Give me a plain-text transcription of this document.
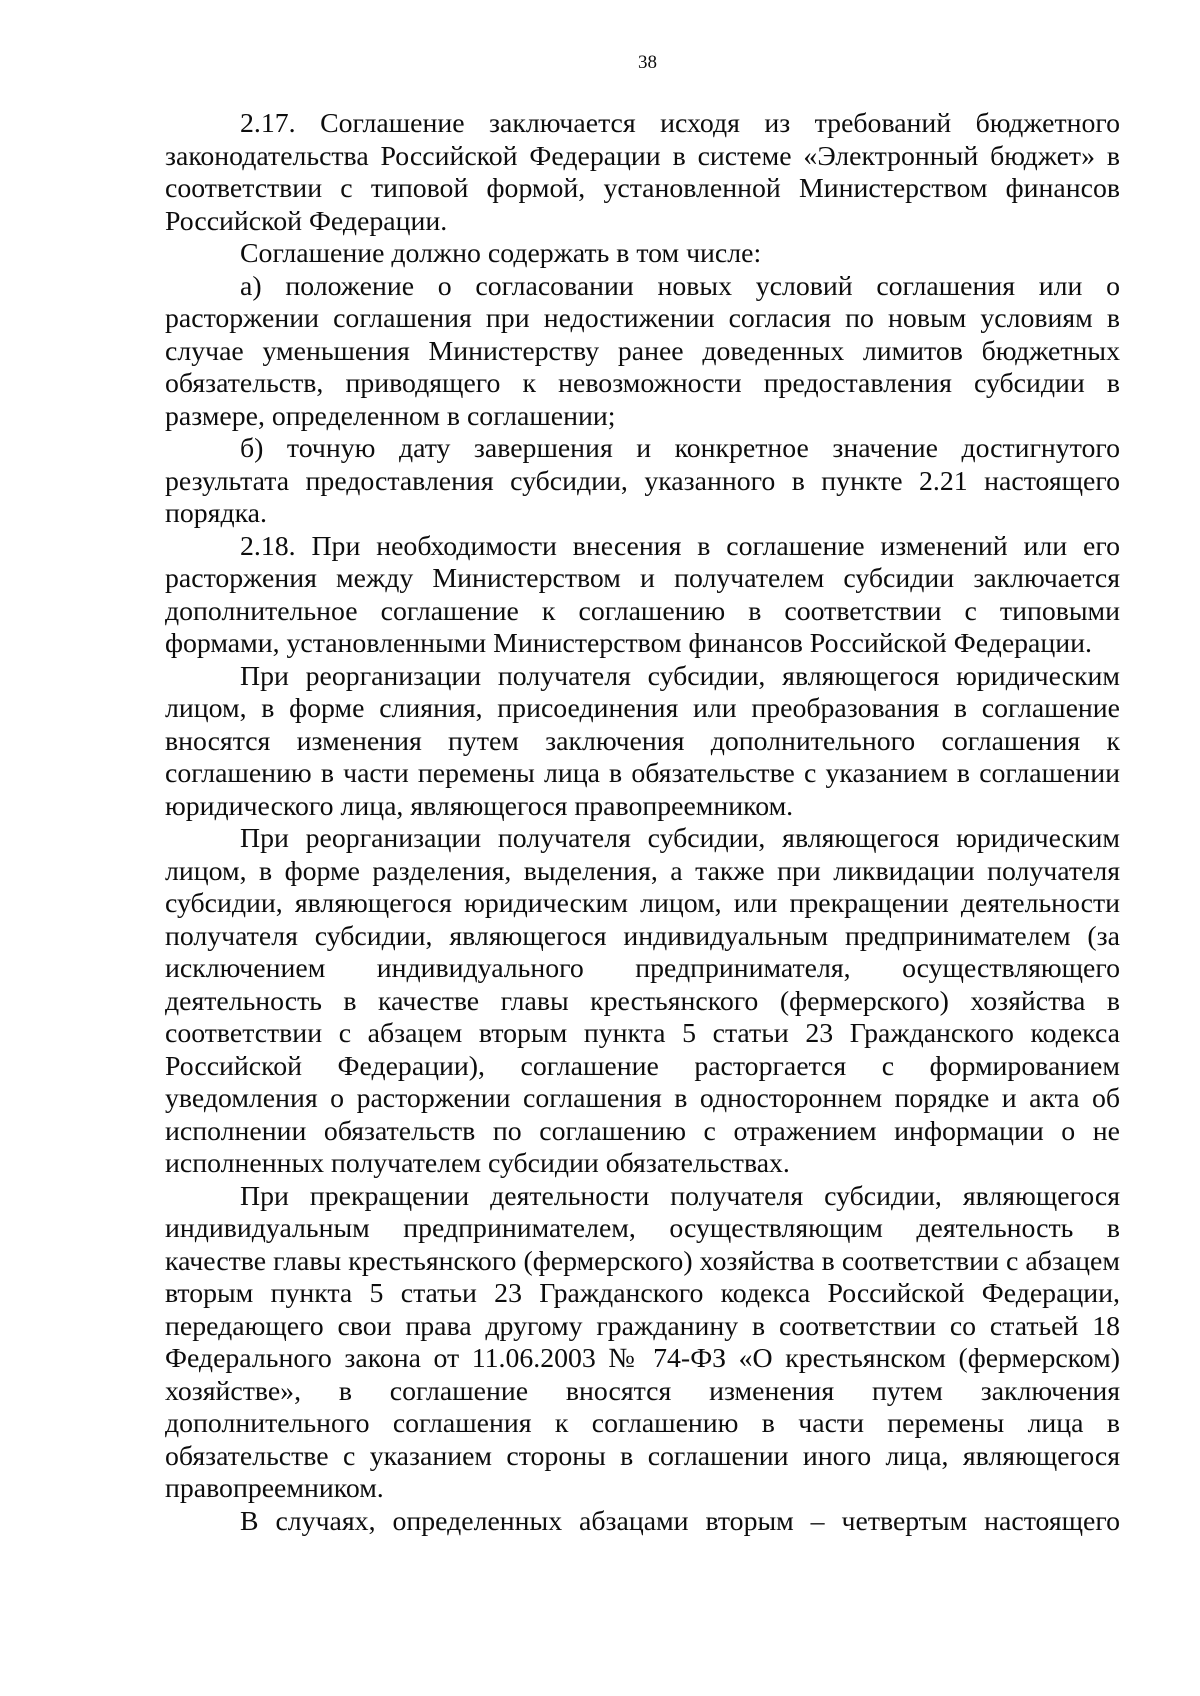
38

2.17. Соглашение заключается исходя из требований бюджетного законодательства Российской Федерации в системе «Электронный бюджет» в соответствии с типовой формой, установленной Министерством финансов Российской Федерации.

Соглашение должно содержать в том числе:

а) положение о согласовании новых условий соглашения или о расторжении соглашения при недостижении согласия по новым условиям в случае уменьшения Министерству ранее доведенных лимитов бюджетных обязательств, приводящего к невозможности предоставления субсидии в размере, определенном в соглашении;

б) точную дату завершения и конкретное значение достигнутого результата предоставления субсидии, указанного в пункте 2.21 настоящего порядка.

2.18. При необходимости внесения в соглашение изменений или его расторжения между Министерством и получателем субсидии заключается дополнительное соглашение к соглашению в соответствии с типовыми формами, установленными Министерством финансов Российской Федерации.

При реорганизации получателя субсидии, являющегося юридическим лицом, в форме слияния, присоединения или преобразования в соглашение вносятся изменения путем заключения дополнительного соглашения к соглашению в части перемены лица в обязательстве с указанием в соглашении юридического лица, являющегося правопреемником.

При реорганизации получателя субсидии, являющегося юридическим лицом, в форме разделения, выделения, а также при ликвидации получателя субсидии, являющегося юридическим лицом, или прекращении деятельности получателя субсидии, являющегося индивидуальным предпринимателем (за исключением индивидуального предпринимателя, осуществляющего деятельность в качестве главы крестьянского (фермерского) хозяйства в соответствии с абзацем вторым пункта 5 статьи 23 Гражданского кодекса Российской Федерации), соглашение расторгается с формированием уведомления о расторжении соглашения в одностороннем порядке и акта об исполнении обязательств по соглашению с отражением информации о не исполненных получателем субсидии обязательствах.

При прекращении деятельности получателя субсидии, являющегося индивидуальным предпринимателем, осуществляющим деятельность в качестве главы крестьянского (фермерского) хозяйства в соответствии с абзацем вторым пункта 5 статьи 23 Гражданского кодекса Российской Федерации, передающего свои права другому гражданину в соответствии со статьей 18 Федерального закона от 11.06.2003 № 74-ФЗ «О крестьянском (фермерском) хозяйстве», в соглашение вносятся изменения путем заключения дополнительного соглашения к соглашению в части перемены лица в обязательстве с указанием стороны в соглашении иного лица, являющегося правопреемником.

В случаях, определенных абзацами вторым – четвертым настоящего
